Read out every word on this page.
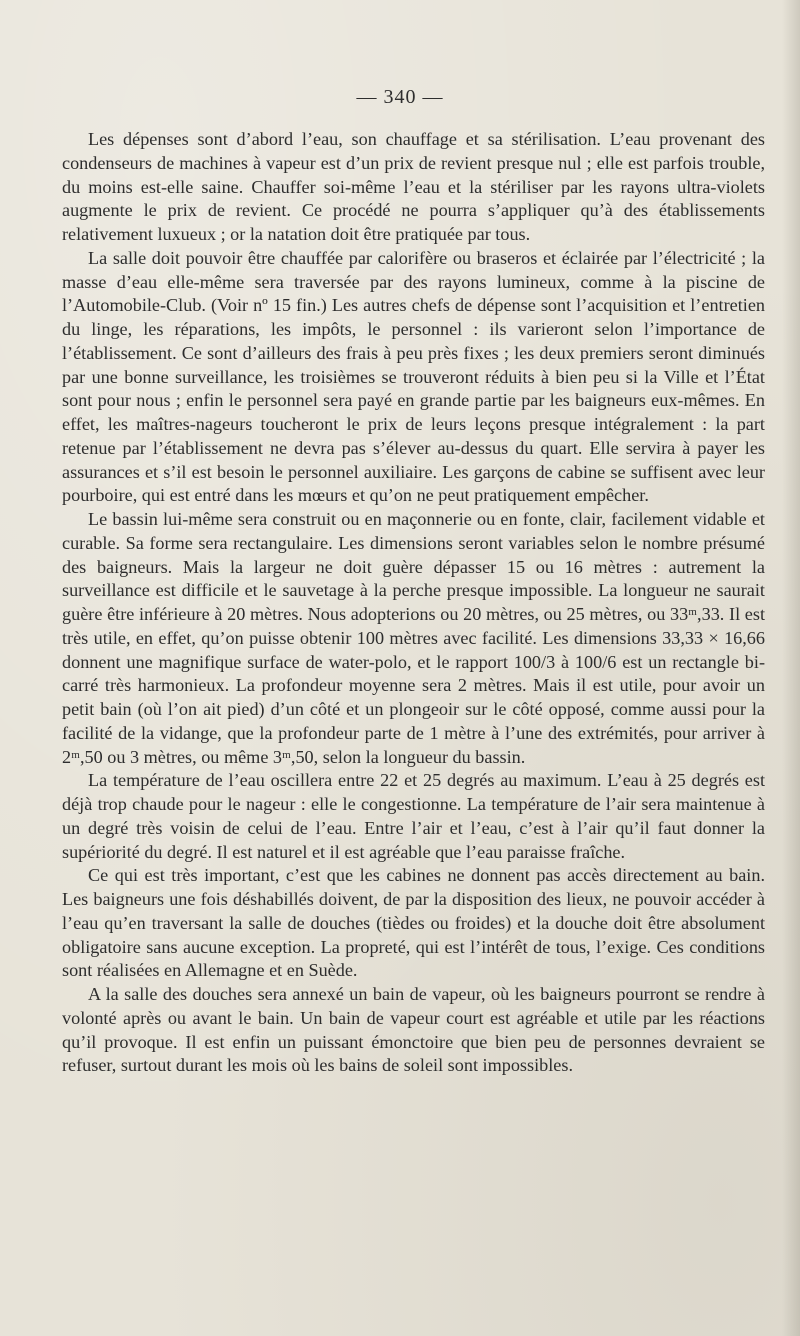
— 340 —

Les dépenses sont d’abord l’eau, son chauffage et sa stérilisation. L’eau provenant des condenseurs de machines à vapeur est d’un prix de revient presque nul ; elle est parfois trouble, du moins est-elle saine. Chauffer soi-même l’eau et la stériliser par les rayons ultra-violets augmente le prix de revient. Ce procédé ne pourra s’appliquer qu’à des établissements relativement luxueux ; or la natation doit être pratiquée par tous.

La salle doit pouvoir être chauffée par calorifère ou braseros et éclairée par l’électricité ; la masse d’eau elle-même sera traversée par des rayons lumineux, comme à la piscine de l’Automobile-Club. (Voir nº 15 fin.) Les autres chefs de dépense sont l’acquisition et l’entretien du linge, les réparations, les impôts, le personnel : ils varieront selon l’importance de l’établissement. Ce sont d’ailleurs des frais à peu près fixes ; les deux premiers seront diminués par une bonne surveillance, les troisièmes se trouveront réduits à bien peu si la Ville et l’État sont pour nous ; enfin le personnel sera payé en grande partie par les baigneurs eux-mêmes. En effet, les maîtres-nageurs toucheront le prix de leurs leçons presque intégralement : la part retenue par l’établissement ne devra pas s’élever au-dessus du quart. Elle servira à payer les assurances et s’il est besoin le personnel auxiliaire. Les garçons de cabine se suffisent avec leur pourboire, qui est entré dans les mœurs et qu’on ne peut pratiquement empêcher.

Le bassin lui-même sera construit ou en maçonnerie ou en fonte, clair, facilement vidable et curable. Sa forme sera rectangulaire. Les dimensions seront variables selon le nombre présumé des baigneurs. Mais la largeur ne doit guère dépasser 15 ou 16 mètres : autrement la surveillance est difficile et le sauvetage à la perche presque impossible. La longueur ne saurait guère être inférieure à 20 mètres. Nous adopterions ou 20 mètres, ou 25 mètres, ou 33ᵐ,33. Il est très utile, en effet, qu’on puisse obtenir 100 mètres avec facilité. Les dimensions 33,33 × 16,66 donnent une magnifique surface de water-polo, et le rapport 100/3 à 100/6 est un rectangle bi-carré très harmonieux. La profondeur moyenne sera 2 mètres. Mais il est utile, pour avoir un petit bain (où l’on ait pied) d’un côté et un plongeoir sur le côté opposé, comme aussi pour la facilité de la vidange, que la profondeur parte de 1 mètre à l’une des extrémités, pour arriver à 2ᵐ,50 ou 3 mètres, ou même 3ᵐ,50, selon la longueur du bassin.

La température de l’eau oscillera entre 22 et 25 degrés au maximum. L’eau à 25 degrés est déjà trop chaude pour le nageur : elle le congestionne. La température de l’air sera maintenue à un degré très voisin de celui de l’eau. Entre l’air et l’eau, c’est à l’air qu’il faut donner la supériorité du degré. Il est naturel et il est agréable que l’eau paraisse fraîche.

Ce qui est très important, c’est que les cabines ne donnent pas accès directement au bain. Les baigneurs une fois déshabillés doivent, de par la disposition des lieux, ne pouvoir accéder à l’eau qu’en traversant la salle de douches (tièdes ou froides) et la douche doit être absolument obligatoire sans aucune exception. La propreté, qui est l’intérêt de tous, l’exige. Ces conditions sont réalisées en Allemagne et en Suède.

A la salle des douches sera annexé un bain de vapeur, où les baigneurs pourront se rendre à volonté après ou avant le bain. Un bain de vapeur court est agréable et utile par les réactions qu’il provoque. Il est enfin un puissant émonctoire que bien peu de personnes devraient se refuser, surtout durant les mois où les bains de soleil sont impossibles.
